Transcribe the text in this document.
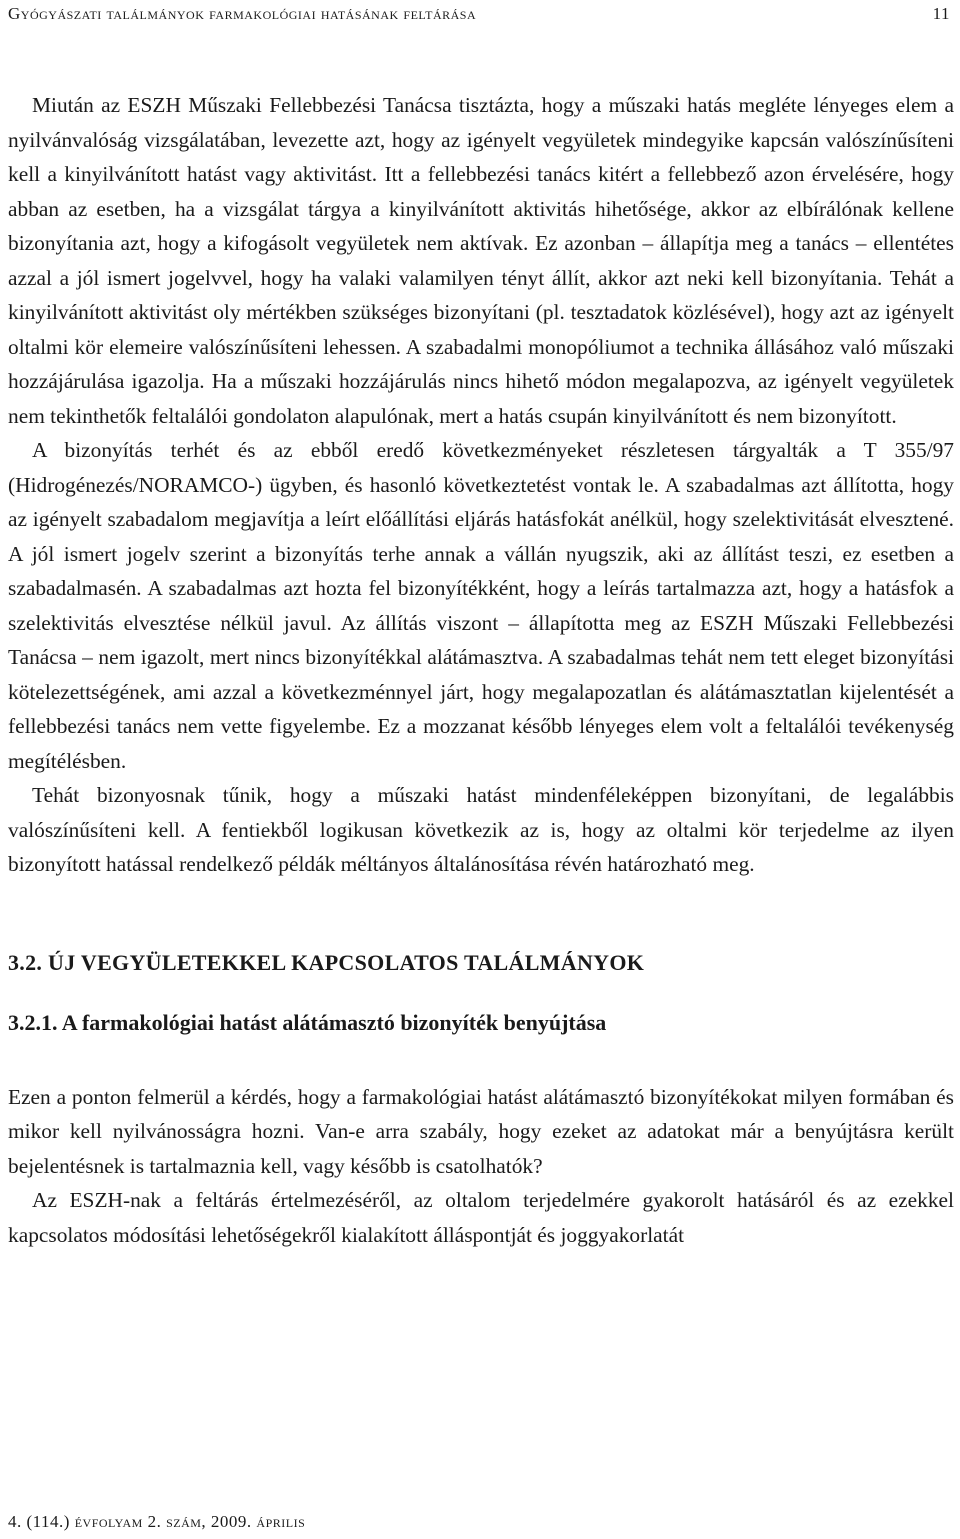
Gyógyászati találmányok farmakológiai hatásának feltárása	11

Miután az ESZH Műszaki Fellebbezési Tanácsa tisztázta, hogy a műszaki hatás megléte lényeges elem a nyilvánvalóság vizsgálatában, levezette azt, hogy az igényelt vegyületek mindegyike kapcsán valószínűsíteni kell a kinyilvánított hatást vagy aktivitást. Itt a fellebbezési tanács kitért a fellebbező azon érvelésére, hogy abban az esetben, ha a vizsgálat tárgya a kinyilvánított aktivitás hihetősége, akkor az elbírálónak kellene bizonyítania azt, hogy a kifogásolt vegyületek nem aktívak. Ez azonban – állapítja meg a tanács – ellentétes azzal a jól ismert jogelvvel, hogy ha valaki valamilyen tényt állít, akkor azt neki kell bizonyítania. Tehát a kinyilvánított aktivitást oly mértékben szükséges bizonyítani (pl. tesztadatok közlésével), hogy azt az igényelt oltalmi kör elemeire valószínűsíteni lehessen. A szabadalmi monopóliumot a technika állásához való műszaki hozzájárulása igazolja. Ha a műszaki hozzájárulás nincs hihető módon megalapozva, az igényelt vegyületek nem tekinthetők feltalálói gondolaton alapulónak, mert a hatás csupán kinyilvánított és nem bizonyított.

A bizonyítás terhét és az ebből eredő következményeket részletesen tárgyalták a T 355/97 (Hidrogénezés/NORAMCO-) ügyben, és hasonló következtetést vontak le. A szabadalmas azt állította, hogy az igényelt szabadalom megjavítja a leírt előállítási eljárás hatásfokát anélkül, hogy szelektivitását elvesztené. A jól ismert jogelv szerint a bizonyítás terhe annak a vállán nyugszik, aki az állítást teszi, ez esetben a szabadalmasén. A szabadalmas azt hozta fel bizonyítékként, hogy a leírás tartalmazza azt, hogy a hatásfok a szelektivitás elvesztése nélkül javul. Az állítás viszont – állapította meg az ESZH Műszaki Fellebbezési Tanácsa – nem igazolt, mert nincs bizonyítékkal alátámasztva. A szabadalmas tehát nem tett eleget bizonyítási kötelezettségének, ami azzal a következménnyel járt, hogy megalapozatlan és alátámasztatlan kijelentését a fellebbezési tanács nem vette figyelembe. Ez a mozzanat később lényeges elem volt a feltalálói tevékenység megítélésben.

Tehát bizonyosnak tűnik, hogy a műszaki hatást mindenféleképpen bizonyítani, de legalábbis valószínűsíteni kell. A fentiekből logikusan következik az is, hogy az oltalmi kör terjedelme az ilyen bizonyított hatással rendelkező példák méltányos általánosítása révén határozható meg.

3.2. ÚJ VEGYÜLETEKKEL KAPCSOLATOS TALÁLMÁNYOK
3.2.1. A farmakológiai hatást alátámasztó bizonyíték benyújtása

Ezen a ponton felmerül a kérdés, hogy a farmakológiai hatást alátámasztó bizonyítékokat milyen formában és mikor kell nyilvánosságra hozni. Van-e arra szabály, hogy ezeket az adatokat már a benyújtásra került bejelentésnek is tartalmaznia kell, vagy később is csatolhatók?

Az ESZH-nak a feltárás értelmezéséről, az oltalom terjedelmére gyakorolt hatásáról és az ezekkel kapcsolatos módosítási lehetőségekről kialakított álláspontját és joggyakorlatát

4. (114.) évfolyam 2. szám, 2009. április
